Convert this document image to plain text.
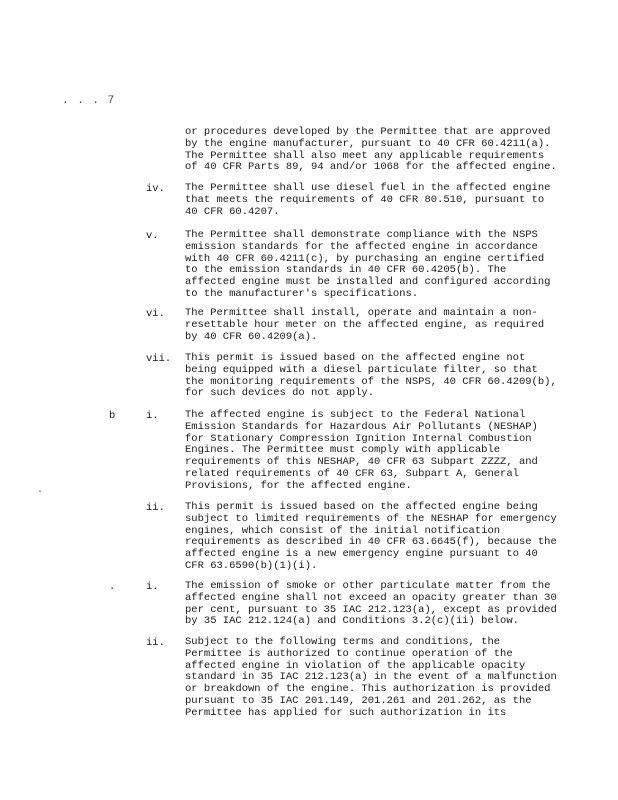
. . . 7
or procedures developed by the Permittee that are approved
by the engine manufacturer, pursuant to 40 CFR 60.4211(a).
The Permittee shall also meet any applicable requirements
of 40 CFR Parts 89, 94 and/or 1068 for the affected engine.
iv. The Permittee shall use diesel fuel in the affected engine
that meets the requirements of 40 CFR 80.510, pursuant to
40 CFR 60.4207.
v.	The Permittee shall demonstrate compliance with the NSPS
emission standards for the affected engine in accordance
with 40 CFR 60.4211(c), by purchasing an engine certified
to the emission standards in 40 CFR 60.4205(b). The
affected engine must be installed and configured according
to the manufacturer's specifications.
vi. The Permittee shall install, operate and maintain a non-
resettable hour meter on the affected engine, as required
by 40 CFR 60.4209(a).
vii. This permit is issued based on the affected engine not
being equipped with a diesel particulate filter, so that
the monitoring requirements of the NSPS, 40 CFR 60.4209(b),
for such devices do not apply.
b	i.	The affected engine is subject to the Federal National
Emission Standards for Hazardous Air Pollutants (NESHAP)
for Stationary Compression Ignition Internal Combustion
Engines. The Permittee must comply with applicable
requirements of this NESHAP, 40 CFR 63 Subpart ZZZZ, and
related requirements of 40 CFR 63, Subpart A, General
Provisions, for the affected engine.
.
ii. This permit is issued based on the affected engine being
subject to limited requirements of the NESHAP for emergency
engines, which consist of the initial notification
requirements as described in 40 CFR 63.6645(f), because the
affected engine is a new emergency engine pursuant to 40
CFR 63.6590(b)(1)(i).
.	i.	The emission of smoke or other particulate matter from the
affected engine shall not exceed an opacity greater than 30
per cent, pursuant to 35 IAC 212.123(a), except as provided
by 35 IAC 212.124(a) and Conditions 3.2(c)(ii) below.
ii. Subject to the following terms and conditions, the
Permittee is authorized to continue operation of the
affected engine in violation of the applicable opacity
standard in 35 IAC 212.123(a) in the event of a malfunction
or breakdown of the engine. This authorization is provided
pursuant to 35 IAC 201.149, 201.261 and 201.262, as the
Permittee has applied for such authorization in its
